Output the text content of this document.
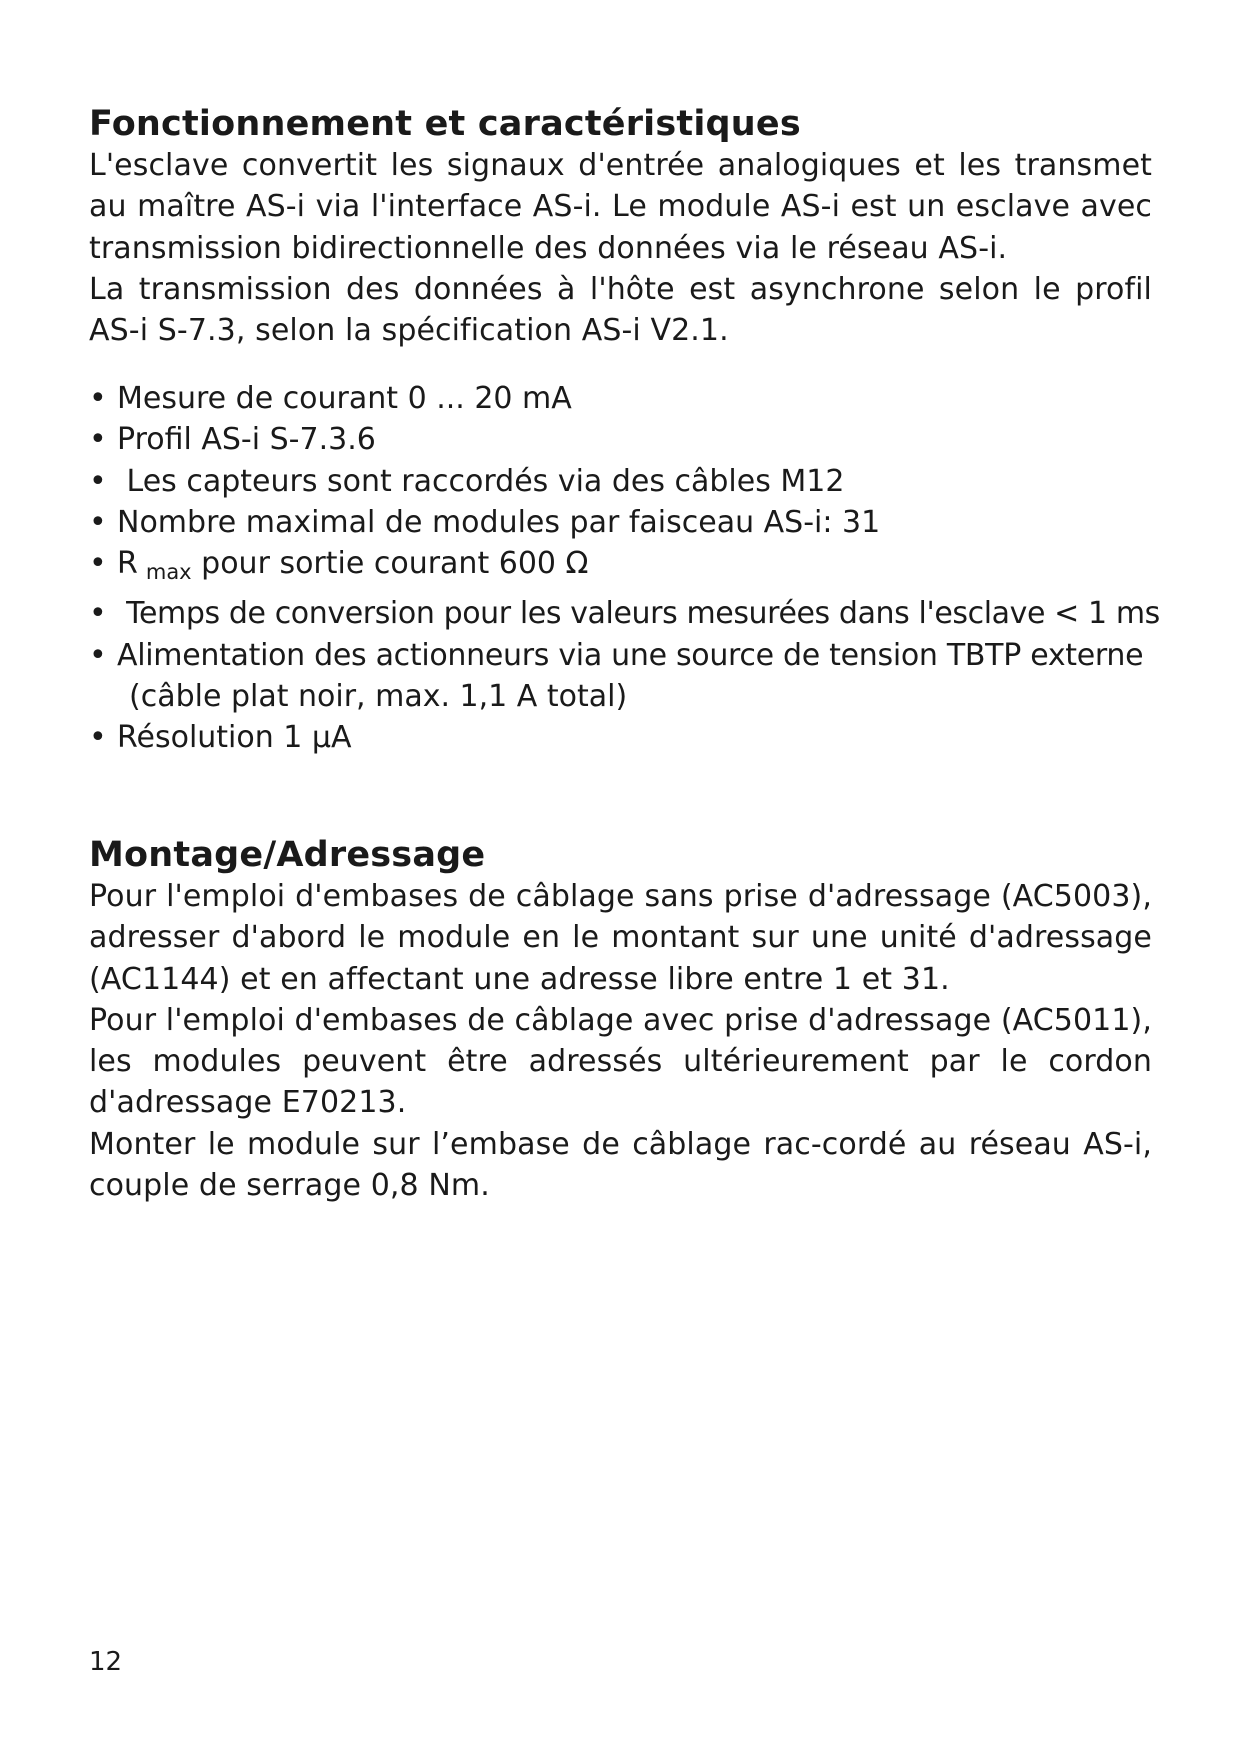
Fonctionnement et caractéristiques

L'esclave convertit les signaux d'entrée analogiques et les transmet au maître AS-i via l'interface AS-i. Le module AS-i est un esclave avec transmission bidirectionnelle des données via le réseau AS-i.

La transmission des données à l'hôte est asynchrone selon le profil AS-i S-7.3, selon la spécification AS-i V2.1.

• Mesure de courant 0 ... 20 mA
• Profil AS-i S-7.3.6
• Les capteurs sont raccordés via des câbles M12
• Nombre maximal de modules par faisceau AS-i: 31
• R $_{max}$ pour sortie courant 600 Ω
• Temps de conversion pour les valeurs mesurées dans l'esclave < 1 ms
• Alimentation des actionneurs via une source de tension TBTP externe
(câble plat noir, max. 1,1 A total)
• Résolution 1 µA
Montage/Adressage

Pour l'emploi d'embases de câblage sans prise d'adressage (AC5003), adresser d'abord le module en le montant sur une unité d'adressage (AC1144) et en affectant une adresse libre entre 1 et 31.

Pour l'emploi d'embases de câblage avec prise d'adressage (AC5011), les modules peuvent être adressés ultérieurement par le cordon d'adressage E70213.

Monter le module sur l’embase de câblage rac-cordé au réseau AS-i, couple de serrage 0,8 Nm.

12
